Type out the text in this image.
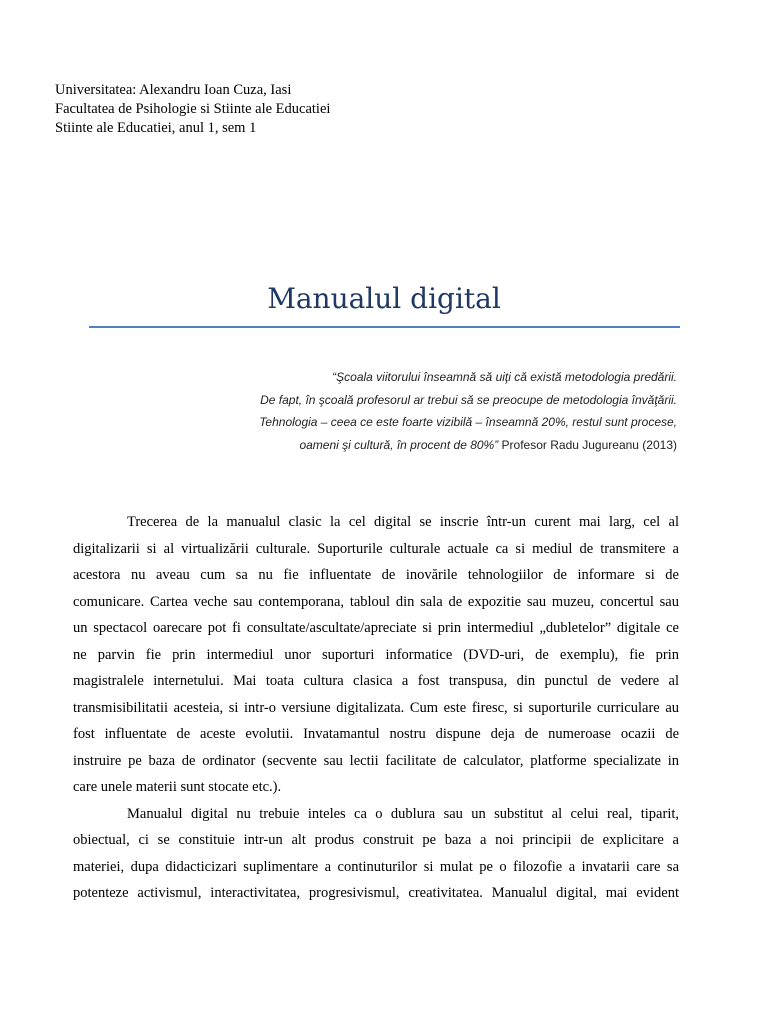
Universitatea: Alexandru Ioan Cuza, Iasi
Facultatea de Psihologie si Stiinte ale Educatiei
Stiinte ale Educatiei, anul 1, sem 1
Manualul digital
“Şcoala viitorului înseamnă să uiţi că există metodologia predării.
De fapt, în şcoală profesorul ar trebui să se preocupe de metodologia învăţării.
Tehnologia – ceea ce este foarte vizibilă – înseamnă 20%, restul sunt procese,
oameni şi cultură, în procent de 80%” Profesor Radu Jugureanu (2013)
Trecerea de la manualul clasic la cel digital se inscrie într-un curent mai larg, cel al
digitalizarii si al virtualizării culturale. Suporturile culturale actuale ca si mediul de transmitere a
acestora nu aveau cum sa nu fie influentate de inovările tehnologiilor de informare si de
comunicare. Cartea veche sau contemporana, tabloul din sala de expozitie sau muzeu, concertul sau
un spectacol oarecare pot fi consultate/ascultate/apreciate si prin intermediul „dubletelor” digitale ce
ne parvin fie prin intermediul unor suporturi informatice (DVD-uri, de exemplu), fie prin
magistralele internetului. Mai toata cultura clasica a fost transpusa, din punctul de vedere al
transmisibilitatii acesteia, si intr-o versiune digitalizata. Cum este firesc, si suporturile curriculare au
fost influentate de aceste evolutii. Invatamantul nostru dispune deja de numeroase ocazii de
instruire pe baza de ordinator (secvente sau lectii facilitate de calculator, platforme specializate in
care unele materii sunt stocate etc.).
Manualul digital nu trebuie inteles ca o dublura sau un substitut al celui real, tiparit,
obiectual, ci se constituie intr-un alt produs construit pe baza a noi principii de explicitare a
materiei, dupa didacticizari suplimentare a continuturilor si mulat pe o filozofie a invatarii care sa
potenteze activismul, interactivitatea, progresivismul, creativitatea. Manualul digital, mai evident
